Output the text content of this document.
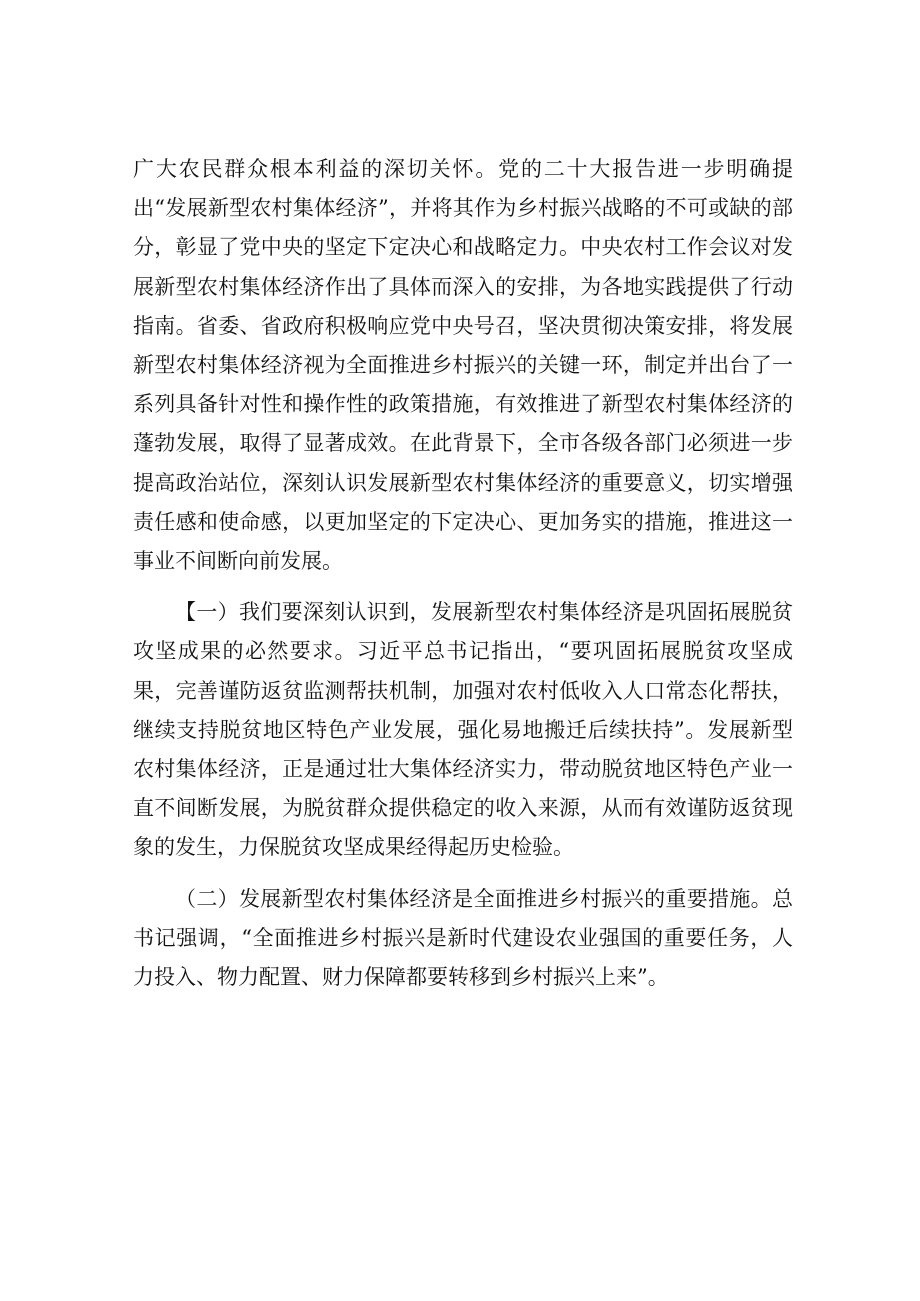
广大农民群众根本利益的深切关怀。党的二十大报告进一步明确提出“发展新型农村集体经济”，并将其作为乡村振兴战略的不可或缺的部分，彰显了党中央的坚定下定决心和战略定力。中央农村工作会议对发展新型农村集体经济作出了具体而深入的安排，为各地实践提供了行动指南。省委、省政府积极响应党中央号召，坚决贯彻决策安排，将发展新型农村集体经济视为全面推进乡村振兴的关键一环，制定并出台了一系列具备针对性和操作性的政策措施，有效推进了新型农村集体经济的蓬勃发展，取得了显著成效。在此背景下，全市各级各部门必须进一步提高政治站位，深刻认识发展新型农村集体经济的重要意义，切实增强责任感和使命感，以更加坚定的下定决心、更加务实的措施，推进这一事业不间断向前发展。

【一）我们要深刻认识到，发展新型农村集体经济是巩固拓展脱贫攻坚成果的必然要求。习近平总书记指出，“要巩固拓展脱贫攻坚成果，完善谨防返贫监测帮扶机制，加强对农村低收入人口常态化帮扶，继续支持脱贫地区特色产业发展，强化易地搬迁后续扶持”。发展新型农村集体经济，正是通过壮大集体经济实力，带动脱贫地区特色产业一直不间断发展，为脱贫群众提供稳定的收入来源，从而有效谨防返贫现象的发生，力保脱贫攻坚成果经得起历史检验。

（二）发展新型农村集体经济是全面推进乡村振兴的重要措施。总书记强调，“全面推进乡村振兴是新时代建设农业强国的重要任务，人力投入、物力配置、财力保障都要转移到乡村振兴上来”。
